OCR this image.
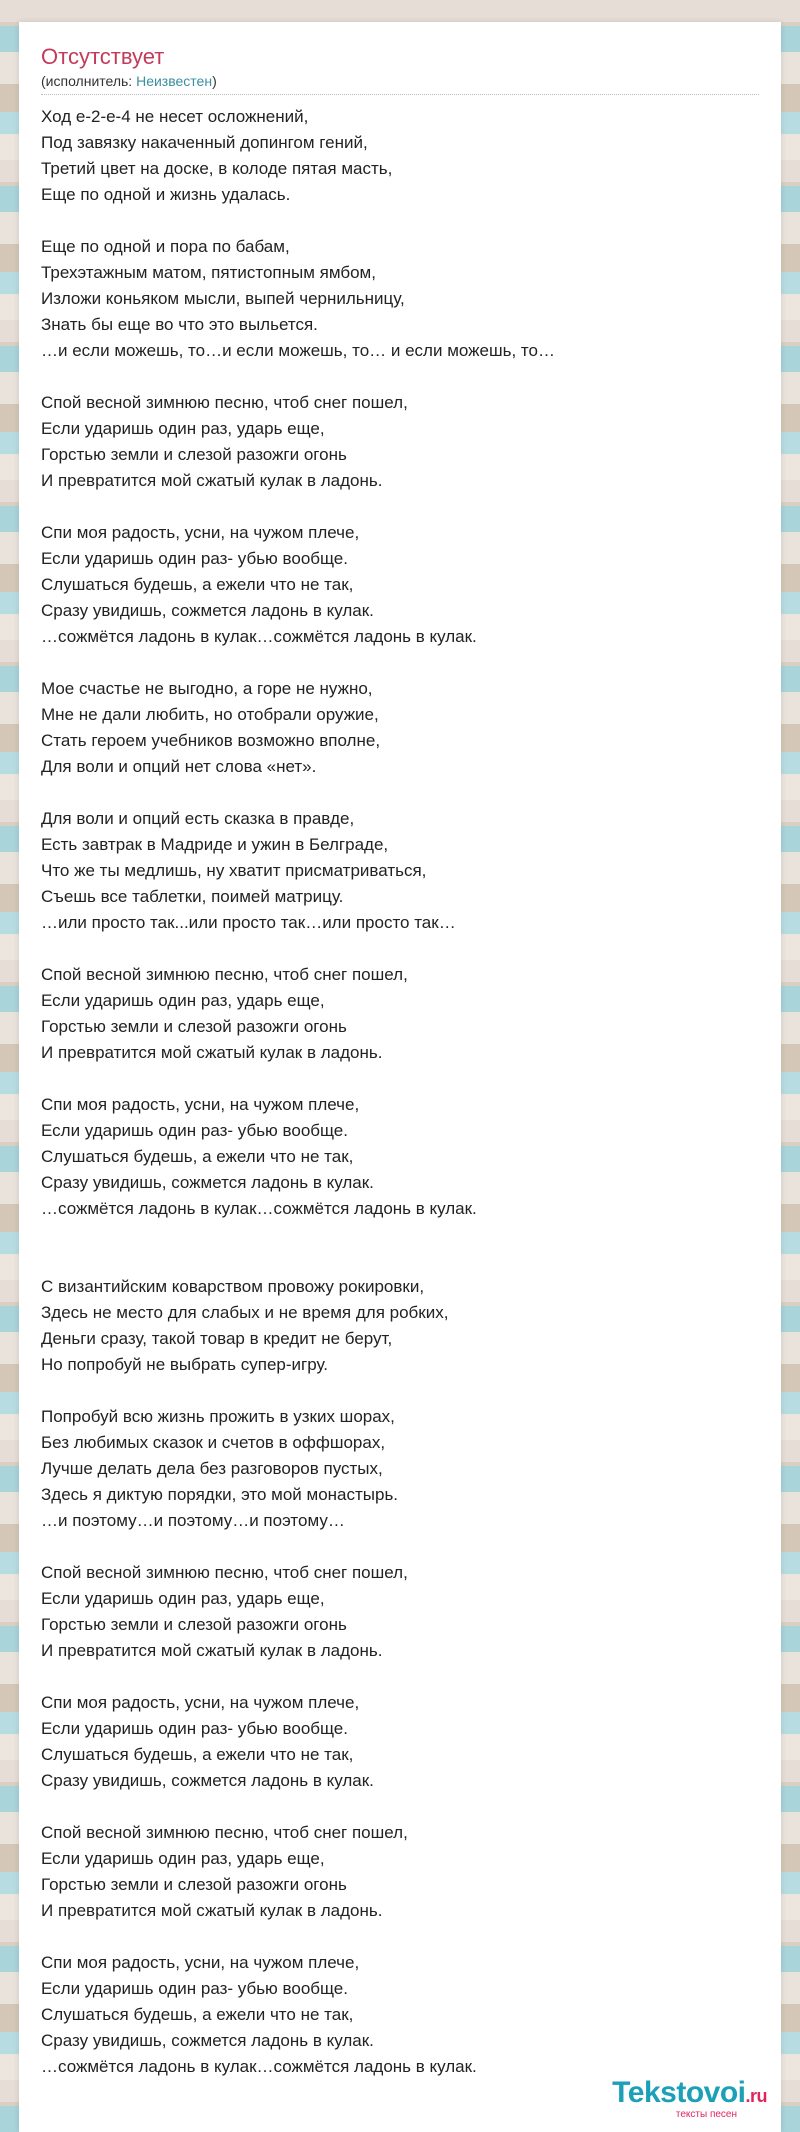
Отсутствует
(исполнитель: Неизвестен)
Ход е-2-е-4 не несет осложнений,
Под завязку накаченный допингом гений,
Третий цвет на доске, в колоде пятая масть,
Еще по одной и жизнь удалась.
Еще по одной и пора по бабам,
Трехэтажным матом, пятистопным ямбом,
Изложи коньяком мысли, выпей чернильницу,
Знать бы еще во что это выльется.
…и если можешь, то…и если можешь, то… и если можешь, то…
Спой весной зимнюю песню, чтоб снег пошел,
Если ударишь один раз, ударь еще,
Горстью земли и слезой разожги огонь
И превратится мой сжатый кулак в ладонь.
Спи моя радость, усни, на чужом плече,
Если ударишь один раз- убью вообще.
Слушаться будешь, а ежели что не так,
Сразу увидишь, сожмется ладонь в кулак.
…сожмётся ладонь в кулак…сожмётся ладонь в кулак.
Мое счастье не выгодно, а горе не нужно,
Мне не дали любить, но отобрали оружие,
Стать героем учебников возможно вполне,
Для воли и опций нет слова «нет».
Для воли и опций есть сказка в правде,
Есть завтрак в Мадриде и ужин в Белграде,
Что же ты медлишь, ну хватит присматриваться,
Съешь все таблетки, поимей матрицу.
…или просто так...или просто так…или просто так…
Спой весной зимнюю песню, чтоб снег пошел,
Если ударишь один раз, ударь еще,
Горстью земли и слезой разожги огонь
И превратится мой сжатый кулак в ладонь.
Спи моя радость, усни, на чужом плече,
Если ударишь один раз- убью вообще.
Слушаться будешь, а ежели что не так,
Сразу увидишь, сожмется ладонь в кулак.
…сожмётся ладонь в кулак…сожмётся ладонь в кулак.
С византийским коварством провожу рокировки,
Здесь не место для слабых и не время для робких,
Деньги сразу, такой товар в кредит не берут,
Но попробуй не выбрать супер-игру.
Попробуй всю жизнь прожить в узких шорах,
Без любимых сказок и счетов в оффшорах,
Лучше делать дела без разговоров пустых,
Здесь я диктую порядки, это мой монастырь.
…и поэтому…и поэтому…и поэтому…
Спой весной зимнюю песню, чтоб снег пошел,
Если ударишь один раз, ударь еще,
Горстью земли и слезой разожги огонь
И превратится мой сжатый кулак в ладонь.
Спи моя радость, усни, на чужом плече,
Если ударишь один раз- убью вообще.
Слушаться будешь, а ежели что не так,
Сразу увидишь, сожмется ладонь в кулак.
Спой весной зимнюю песню, чтоб снег пошел,
Если ударишь один раз, ударь еще,
Горстью земли и слезой разожги огонь
И превратится мой сжатый кулак в ладонь.
Спи моя радость, усни, на чужом плече,
Если ударишь один раз- убью вообще.
Слушаться будешь, а ежели что не так,
Сразу увидишь, сожмется ладонь в кулак.
…сожмётся ладонь в кулак…сожмётся ладонь в кулак.
Tekstovoi.ru
тексты песен
